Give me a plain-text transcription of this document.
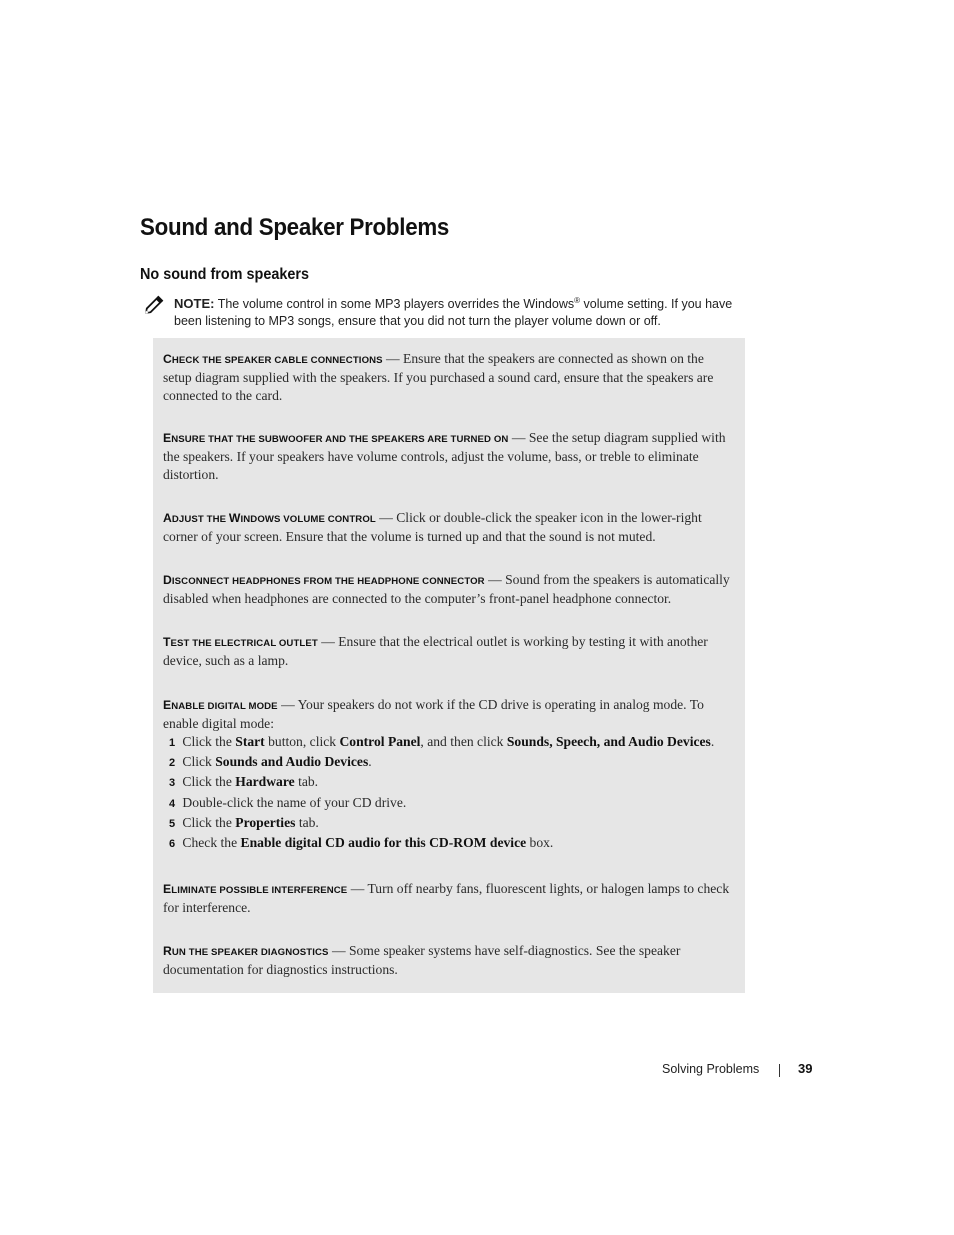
Sound and Speaker Problems
No sound from speakers
NOTE: The volume control in some MP3 players overrides the Windows® volume setting. If you have been listening to MP3 songs, ensure that you did not turn the player volume down or off.
CHECK THE SPEAKER CABLE CONNECTIONS — Ensure that the speakers are connected as shown on the setup diagram supplied with the speakers. If you purchased a sound card, ensure that the speakers are connected to the card.
ENSURE THAT THE SUBWOOFER AND THE SPEAKERS ARE TURNED ON — See the setup diagram supplied with the speakers. If your speakers have volume controls, adjust the volume, bass, or treble to eliminate distortion.
ADJUST THE WINDOWS VOLUME CONTROL — Click or double-click the speaker icon in the lower-right corner of your screen. Ensure that the volume is turned up and that the sound is not muted.
DISCONNECT HEADPHONES FROM THE HEADPHONE CONNECTOR — Sound from the speakers is automatically disabled when headphones are connected to the computer’s front-panel headphone connector.
TEST THE ELECTRICAL OUTLET — Ensure that the electrical outlet is working by testing it with another device, such as a lamp.
ENABLE DIGITAL MODE — Your speakers do not work if the CD drive is operating in analog mode. To enable digital mode:
1 Click the Start button, click Control Panel, and then click Sounds, Speech, and Audio Devices.
2 Click Sounds and Audio Devices.
3 Click the Hardware tab.
4 Double-click the name of your CD drive.
5 Click the Properties tab.
6 Check the Enable digital CD audio for this CD-ROM device box.
ELIMINATE POSSIBLE INTERFERENCE — Turn off nearby fans, fluorescent lights, or halogen lamps to check for interference.
RUN THE SPEAKER DIAGNOSTICS — Some speaker systems have self-diagnostics. See the speaker documentation for diagnostics instructions.
Solving Problems	39
